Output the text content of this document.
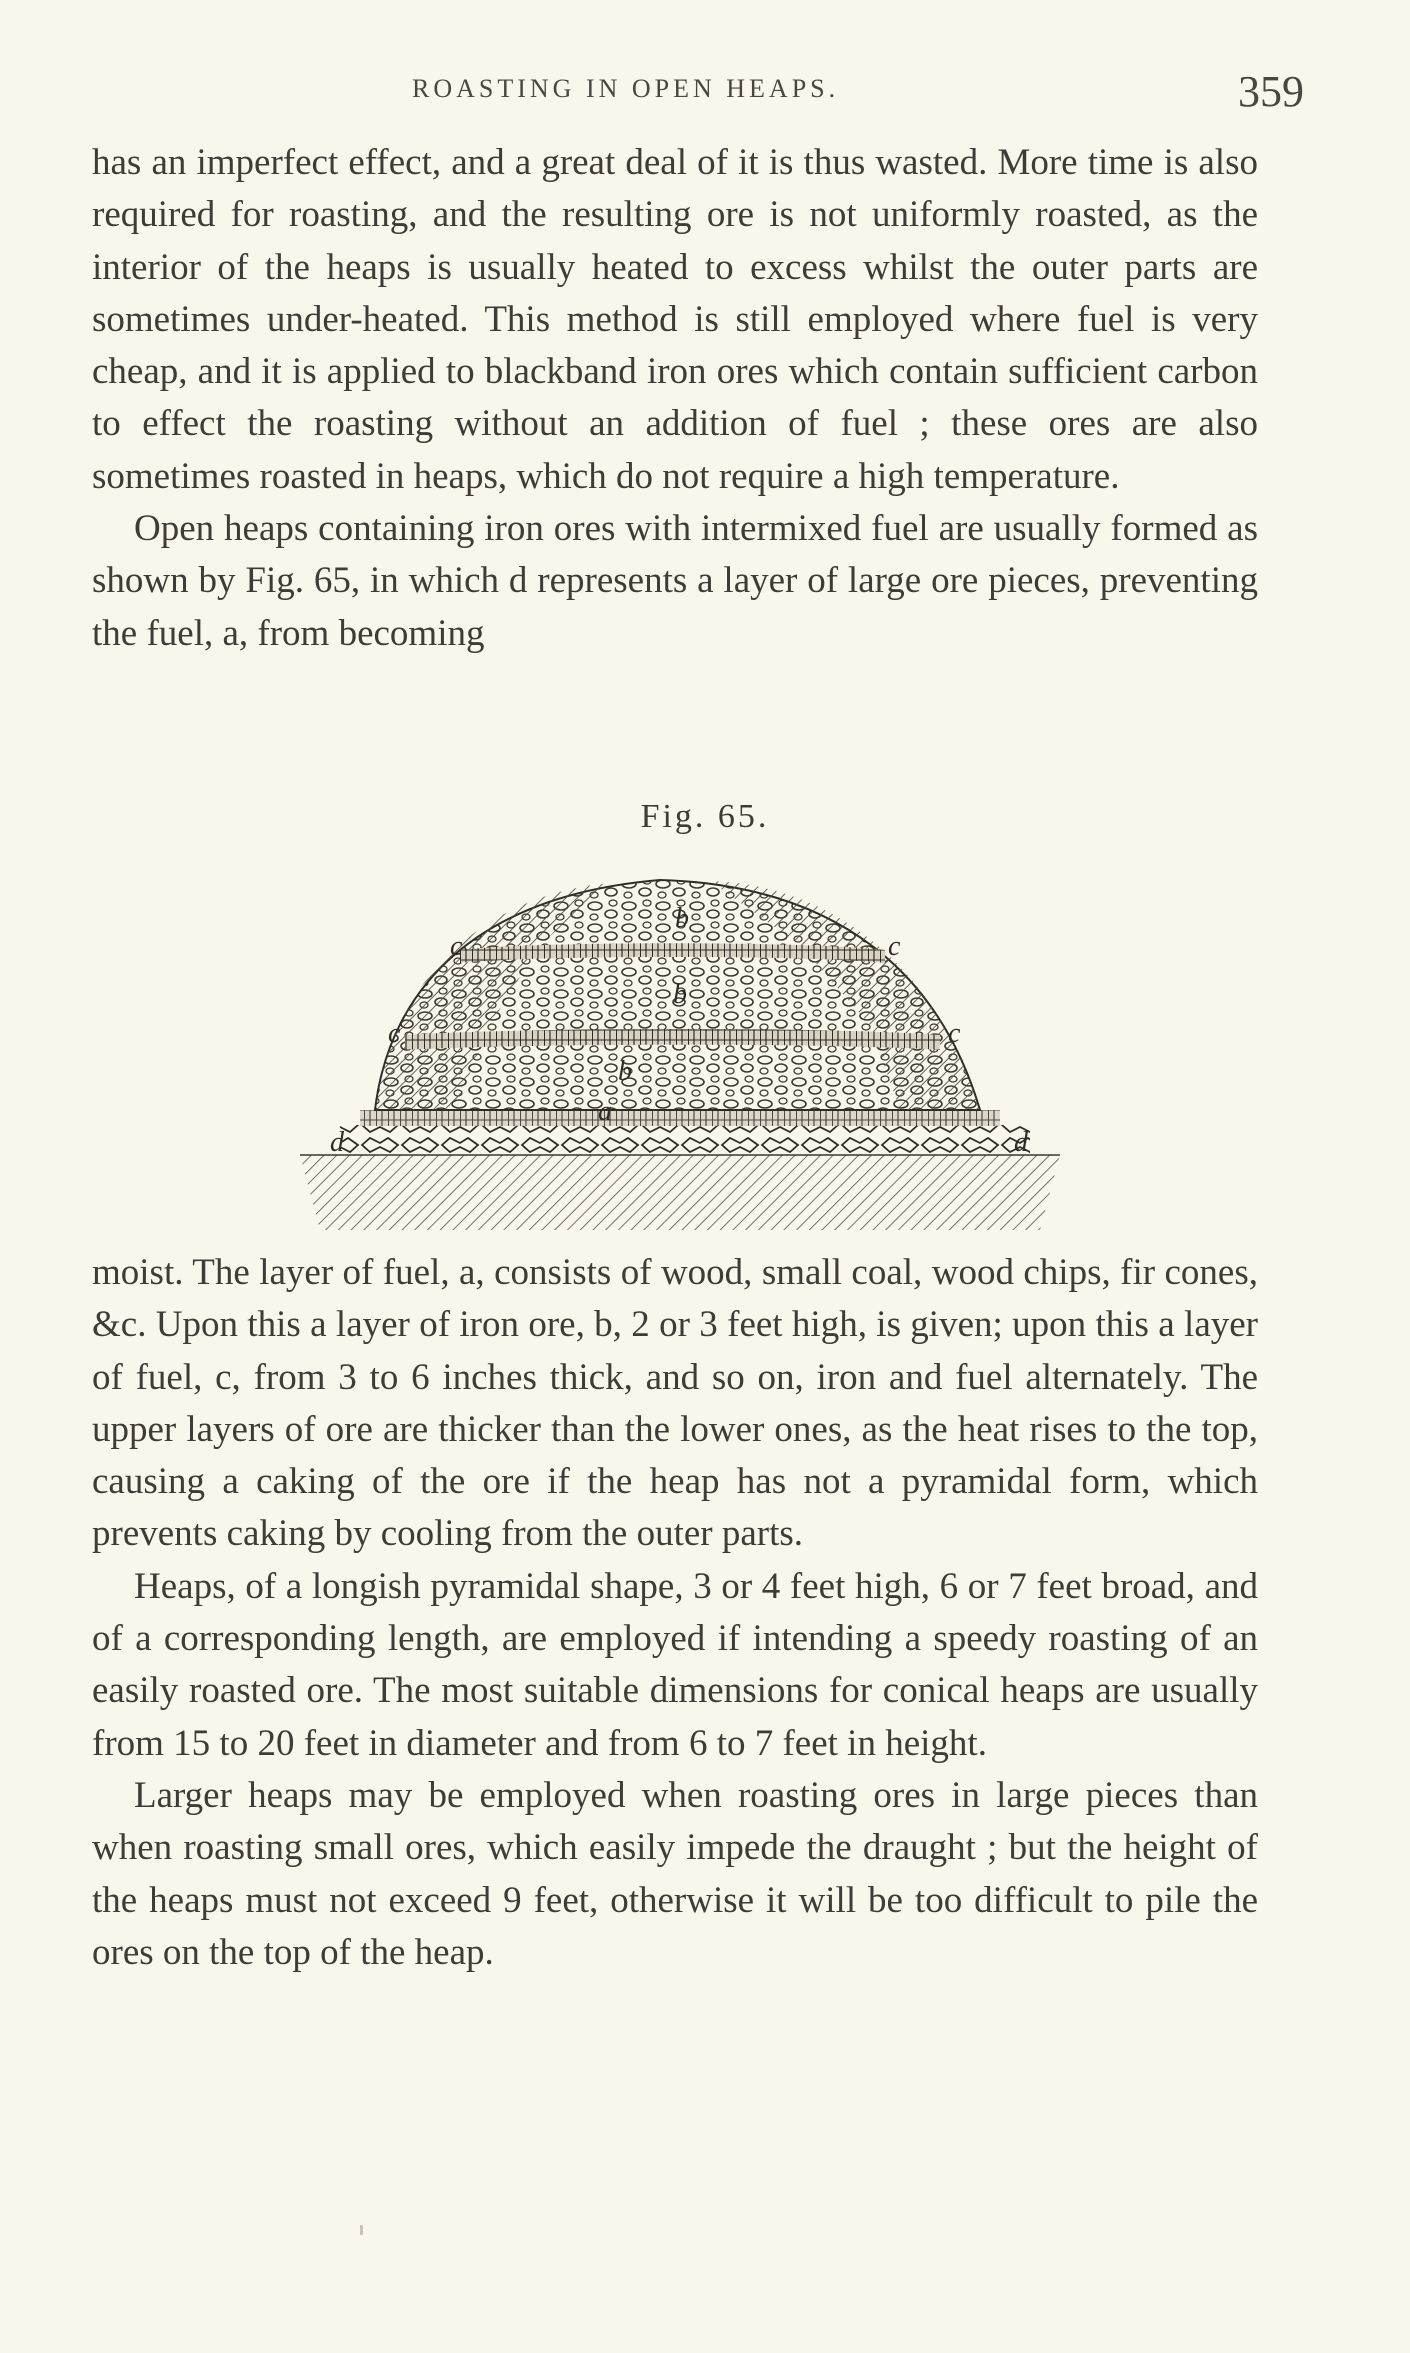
ROASTING IN OPEN HEAPS.	359

has an imperfect effect, and a great deal of it is thus wasted. More time is also required for roasting, and the resulting ore is not uniformly roasted, as the interior of the heaps is usually heated to excess whilst the outer parts are sometimes under-heated. This method is still employed where fuel is very cheap, and it is applied to blackband iron ores which contain sufficient carbon to effect the roasting without an addition of fuel ; these ores are also sometimes roasted in heaps, which do not require a high temperature.

Open heaps containing iron ores with intermixed fuel are usually formed as shown by Fig. 65, in which d represents a layer of large ore pieces, preventing the fuel, a, from becoming

Fig. 65.
a
b
b
b
c	c
c	c
d	d

moist. The layer of fuel, a, consists of wood, small coal, wood chips, fir cones, &c. Upon this a layer of iron ore, b, 2 or 3 feet high, is given; upon this a layer of fuel, c, from 3 to 6 inches thick, and so on, iron and fuel alternately. The upper layers of ore are thicker than the lower ones, as the heat rises to the top, causing a caking of the ore if the heap has not a pyramidal form, which prevents caking by cooling from the outer parts.

Heaps, of a longish pyramidal shape, 3 or 4 feet high, 6 or 7 feet broad, and of a corresponding length, are employed if intending a speedy roasting of an easily roasted ore. The most suitable dimensions for conical heaps are usually from 15 to 20 feet in diameter and from 6 to 7 feet in height.

Larger heaps may be employed when roasting ores in large pieces than when roasting small ores, which easily impede the draught ; but the height of the heaps must not exceed 9 feet, otherwise it will be too difficult to pile the ores on the top of the heap.
